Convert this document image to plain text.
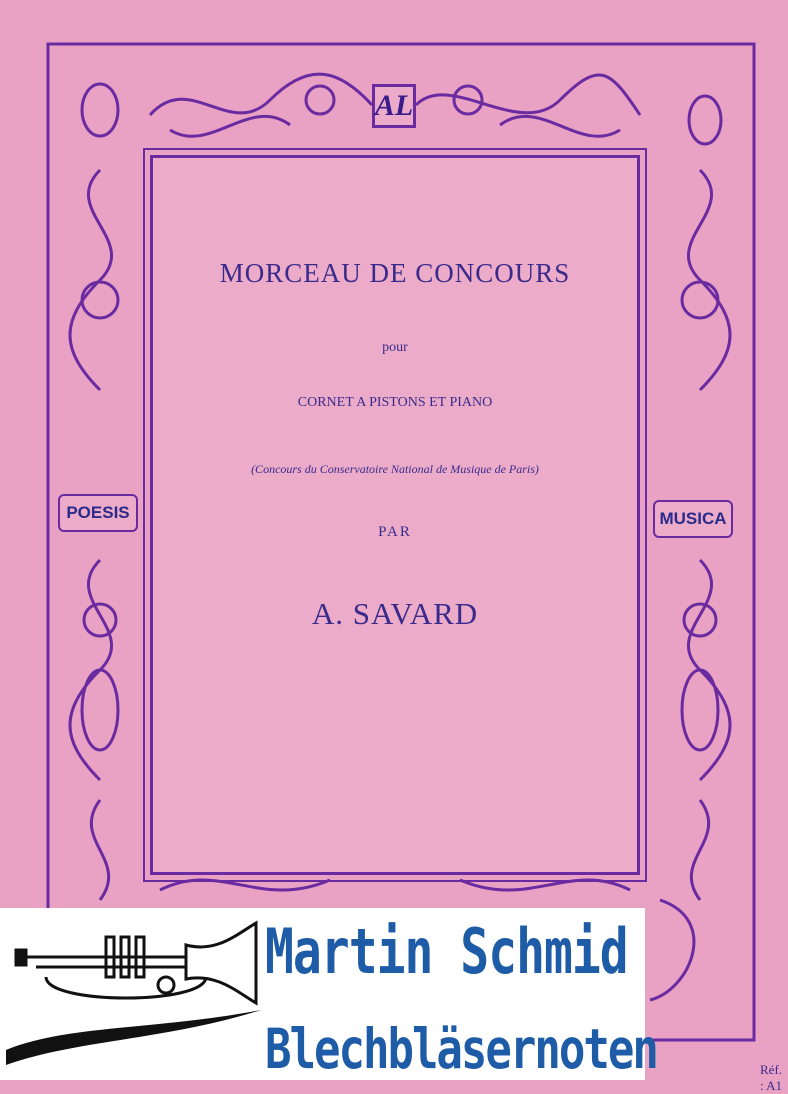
AL
POESIS	MUSICA
MORCEAU DE CONCOURS
pour
CORNET A PISTONS ET PIANO
(Concours du Conservatoire National de Musique de Paris)
PAR
A. SAVARD
Réf. : A1
Martin Schmid
Blechbläsernoten
